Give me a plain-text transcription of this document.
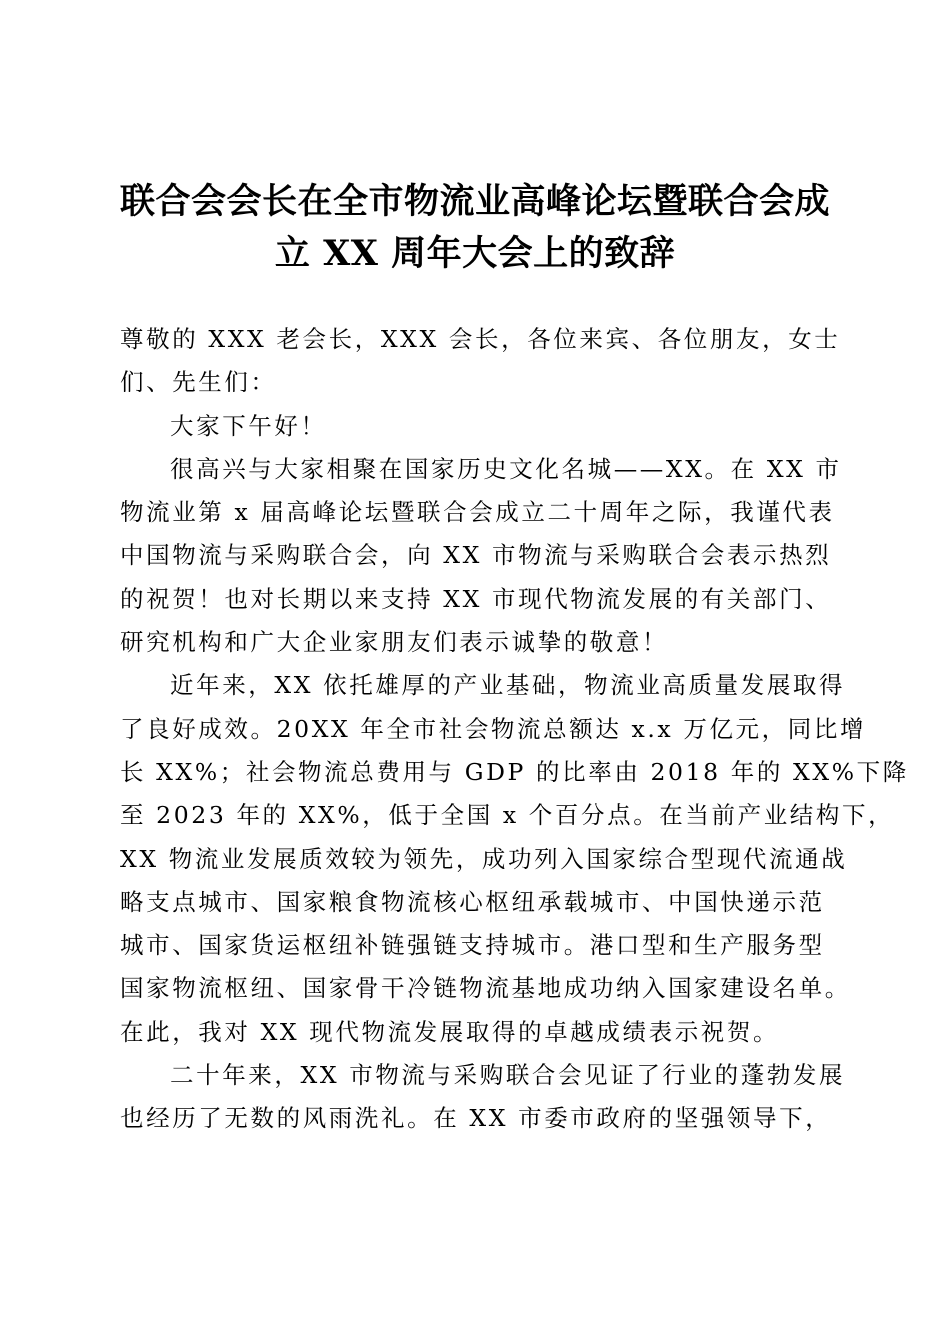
联合会会长在全市物流业高峰论坛暨联合会成
立 XX 周年大会上的致辞

尊敬的 XXX 老会长，XXX 会长，各位来宾、各位朋友，女士
们、先生们：

大家下午好！

很高兴与大家相聚在国家历史文化名城——XX。在 XX 市
物流业第 x 届高峰论坛暨联合会成立二十周年之际，我谨代表
中国物流与采购联合会，向 XX 市物流与采购联合会表示热烈
的祝贺！也对长期以来支持 XX 市现代物流发展的有关部门、
研究机构和广大企业家朋友们表示诚挚的敬意！

近年来，XX 依托雄厚的产业基础，物流业高质量发展取得
了良好成效。20XX 年全市社会物流总额达 x.x 万亿元，同比增
长 XX%；社会物流总费用与 GDP 的比率由 2018 年的 XX%下降
至 2023 年的 XX%，低于全国 x 个百分点。在当前产业结构下，
XX 物流业发展质效较为领先，成功列入国家综合型现代流通战
略支点城市、国家粮食物流核心枢纽承载城市、中国快递示范
城市、国家货运枢纽补链强链支持城市。港口型和生产服务型
国家物流枢纽、国家骨干冷链物流基地成功纳入国家建设名单。
在此，我对 XX 现代物流发展取得的卓越成绩表示祝贺。

二十年来，XX 市物流与采购联合会见证了行业的蓬勃发展
也经历了无数的风雨洗礼。在 XX 市委市政府的坚强领导下，
